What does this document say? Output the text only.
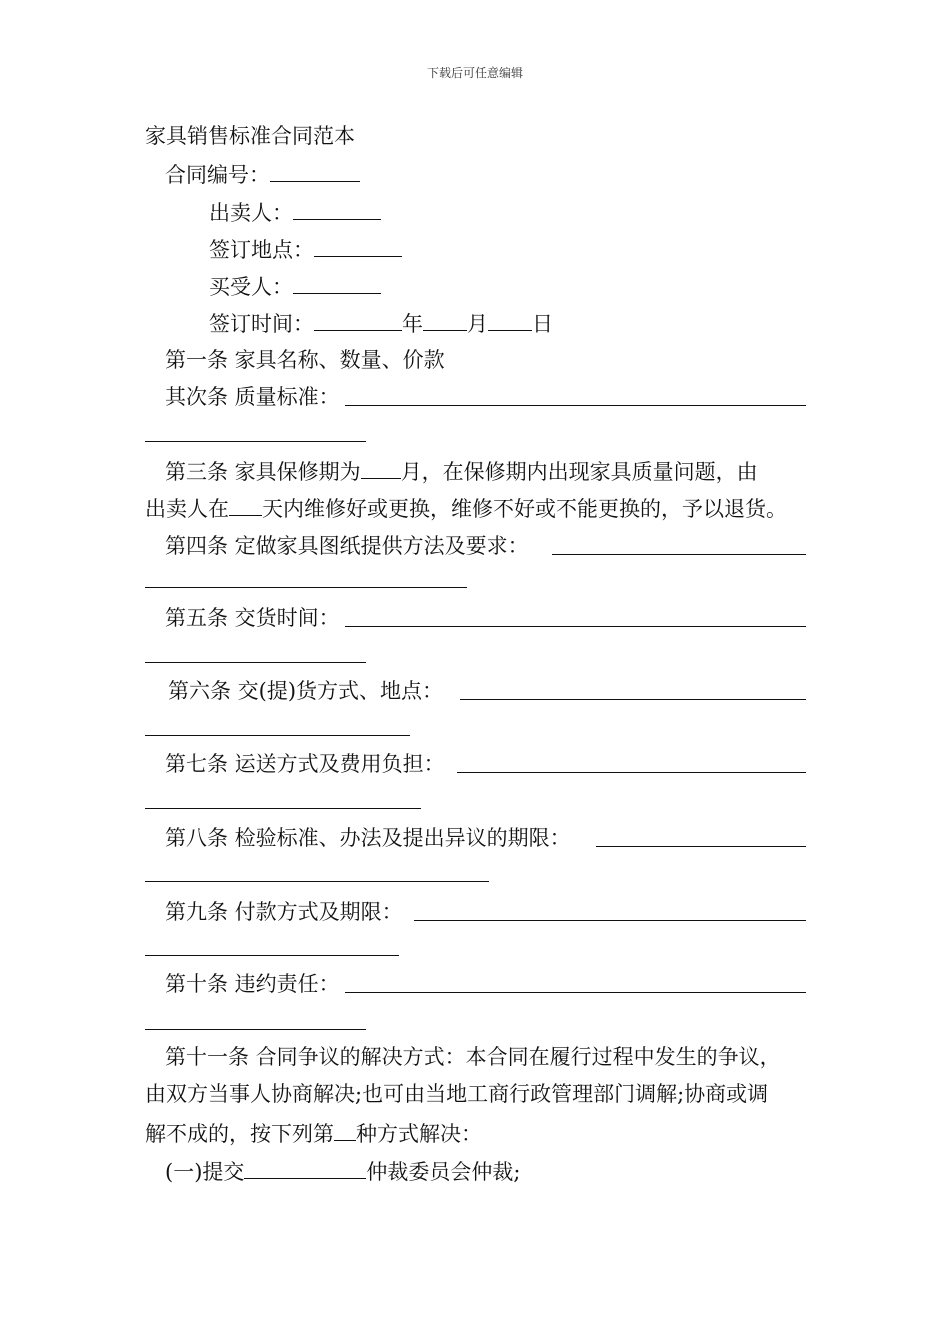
下载后可任意编辑
家具销售标准合同范本
合同编号：
出卖人：
签订地点：
买受人：
签订时间：	年 月 日
第一条 家具名称、数量、价款
其次条 质量标准：
第三条 家具保修期为 月，在保修期内出现家具质量问题，由
出卖人在 天内维修好或更换，维修不好或不能更换的，予以退货。
第四条 定做家具图纸提供方法及要求：
第五条 交货时间：
第六条 交(提)货方式、地点：
第七条 运送方式及费用负担：
第八条 检验标准、办法及提出异议的期限：
第九条 付款方式及期限：
第十条 违约责任：
第十一条 合同争议的解决方式：本合同在履行过程中发生的争议，
由双方当事人协商解决;也可由当地工商行政管理部门调解;协商或调
解不成的，按下列第 种方式解决：
(一)提交	仲裁委员会仲裁;
